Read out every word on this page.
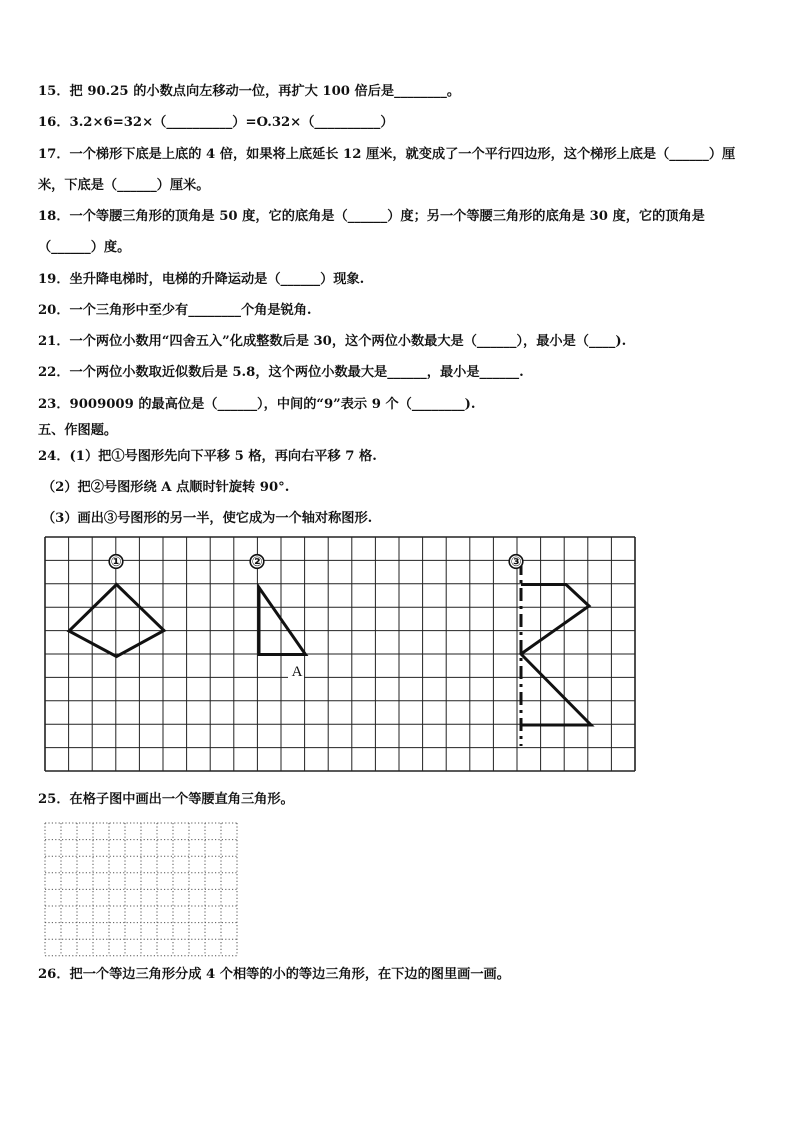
15．把 90.25 的小数点向左移动一位，再扩大 100 倍后是________。
16．3.2×6=32×（__________）=O.32×（__________）
17．一个梯形下底是上底的 4 倍，如果将上底延长 12 厘米，就变成了一个平行四边形，这个梯形上底是（______）厘
米，下底是（______）厘米。
18．一个等腰三角形的顶角是 50 度，它的底角是（______）度；另一个等腰三角形的底角是 30 度，它的顶角是
（______）度。
19．坐升降电梯时，电梯的升降运动是（______）现象.
20．一个三角形中至少有________个角是锐角.
21．一个两位小数用“四舍五入”化成整数后是 30，这个两位小数最大是（______），最小是（____).
22．一个两位小数取近似数后是 5.8，这个两位小数最大是______，最小是______.
23．9009009 的最高位是（______），中间的“9”表示 9 个（________).
五、作图题。
24．(1）把①号图形先向下平移 5 格，再向右平移 7 格.
（2）把②号图形绕 A 点顺时针旋转 90°.
（3）画出③号图形的另一半，使它成为一个轴对称图形.
①	②	③
A
25．在格子图中画出一个等腰直角三角形。
26．把一个等边三角形分成 4 个相等的小的等边三角形，在下边的图里画一画。
